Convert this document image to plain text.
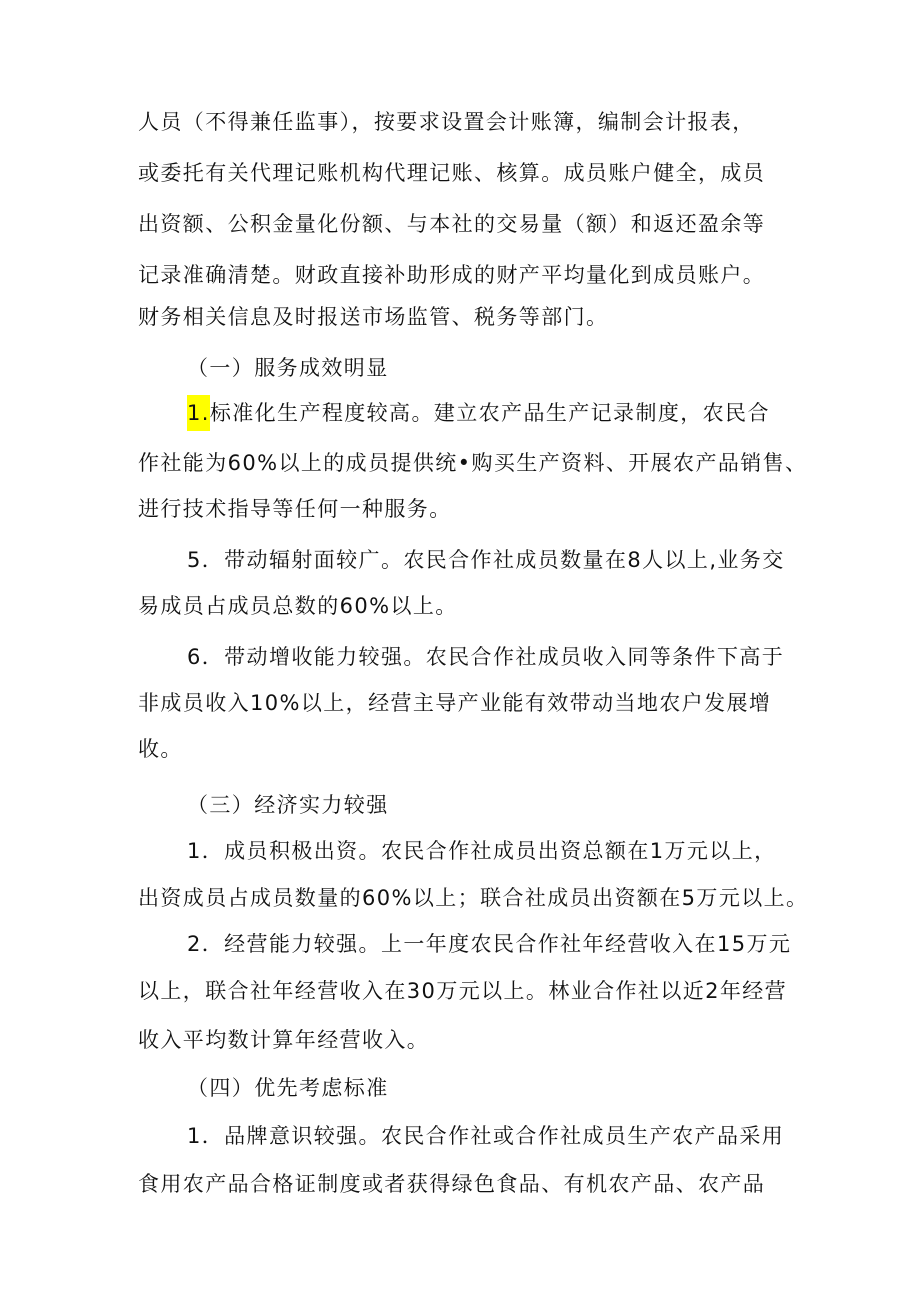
人员（不得兼任监事），按要求设置会计账簿，编制会计报表，
或委托有关代理记账机构代理记账、核算。成员账户健全，成员
出资额、公积金量化份额、与本社的交易量（额）和返还盈余等
记录准确清楚。财政直接补助形成的财产平均量化到成员账户。
财务相关信息及时报送市场监管、税务等部门。
（一）服务成效明显
1.标准化生产程度较高。建立农产品生产记录制度，农民合
作社能为60%以上的成员提供统•购买生产资料、开展农产品销售、
进行技术指导等任何一种服务。
5．带动辐射面较广。农民合作社成员数量在8人以上,业务交
易成员占成员总数的60%以上。
6．带动增收能力较强。农民合作社成员收入同等条件下高于
非成员收入10%以上，经营主导产业能有效带动当地农户发展增
收。
（三）经济实力较强
1．成员积极出资。农民合作社成员出资总额在1万元以上，
出资成员占成员数量的60%以上；联合社成员出资额在5万元以上。
2．经营能力较强。上一年度农民合作社年经营收入在15万元
以上，联合社年经营收入在30万元以上。林业合作社以近2年经营
收入平均数计算年经营收入。
（四）优先考虑标准
1．品牌意识较强。农民合作社或合作社成员生产农产品采用
食用农产品合格证制度或者获得绿色食品、有机农产品、农产品
